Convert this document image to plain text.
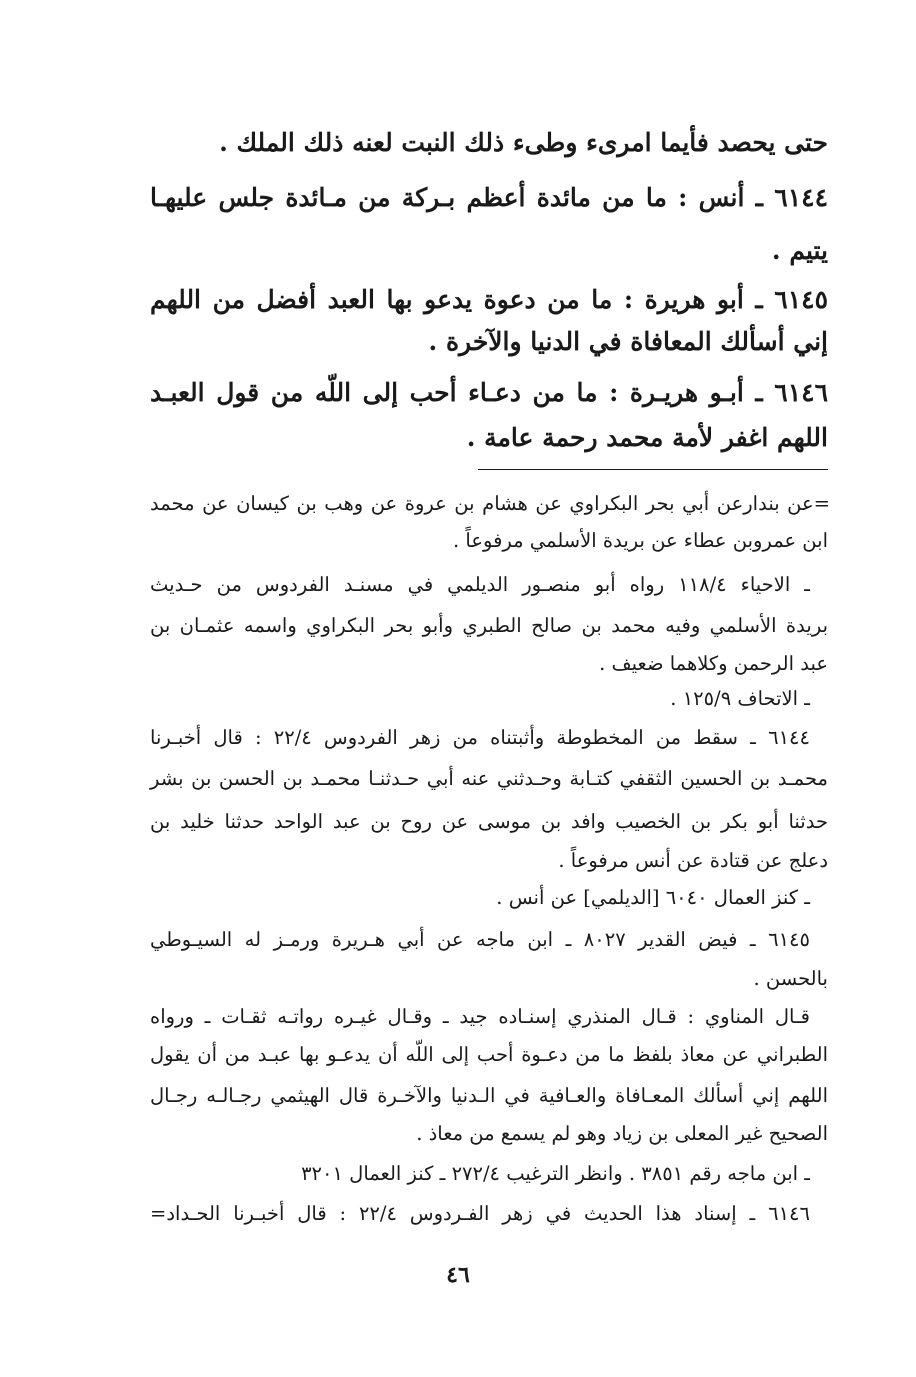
حتى يحصد فأيما امرىء وطىء ذلك النبت لعنه ذلك الملك .
٦١٤٤ ـ أنس : ما من مائدة أعظم بـركة من مـائدة جلس عليهـا
يتيم .
٦١٤٥ ـ أبو هريرة : ما من دعوة يدعو بها العبد أفضل من اللهم
إني أسألك المعافاة في الدنيا والآخرة .
٦١٤٦ ـ أبـو هريـرة : ما من دعـاء أحب إلى اللّه من قول العبـد
اللهم اغفر لأمة محمد رحمة عامة .
=عن بندارعن أبي بحر البكراوي عن هشام بن عروة عن وهب بن كيسان عن محمد
ابن عمروبن عطاء عن بريدة الأسلمي مرفوعاً .
ـ الاحياء ١١٨/٤ رواه أبو منصـور الديلمي في مسنـد الفردوس من حـديث
بريدة الأسلمي وفيه محمد بن صالح الطبري وأبو بحر البكراوي واسمه عثمـان بن
عبد الرحمن وكلاهما ضعيف .
ـ الاتحاف ١٢٥/٩ .
٦١٤٤ ـ سقط من المخطوطة وأثبتناه من زهر الفردوس ٢٢/٤ : قال أخبـرنا
محمـد بن الحسين الثقفي كتـابة وحـدثني عنه أبي حـدثنـا محمـد بن الحسن بن بشر
حدثنا أبو بكر بن الخصيب وافد بن موسى عن روح بن عبد الواحد حدثنا خليد بن
دعلج عن قتادة عن أنس مرفوعاً .
ـ كنز العمال ٦٠٤٠ [الديلمي] عن أنس .
٦١٤٥ ـ فيض القدير ٨٠٢٧ ـ ابن ماجه عن أبي هـريرة ورمـز له السيـوطي
بالحسن .
قـال المناوي : قـال المنذري إسنـاده جيد ـ وقـال غيـره رواتـه ثقـات ـ ورواه
الطبراني عن معاذ بلفظ ما من دعـوة أحب إلى اللّه أن يدعـو بها عبـد من أن يقول
اللهم إني أسألك المعـافاة والعـافية في الـدنيا والآخـرة قال الهيثمي رجـالـه رجـال
الصحيح غير المعلى بن زياد وهو لم يسمع من معاذ .
ـ ابن ماجه رقم ٣٨٥١ . وانظر الترغيب ٢٧٢/٤ ـ كنز العمال ٣٢٠١
٦١٤٦ ـ إسناد هذا الحديث في زهر الفـردوس ٢٢/٤ : قال أخبـرنا الحـداد=
٤٦
